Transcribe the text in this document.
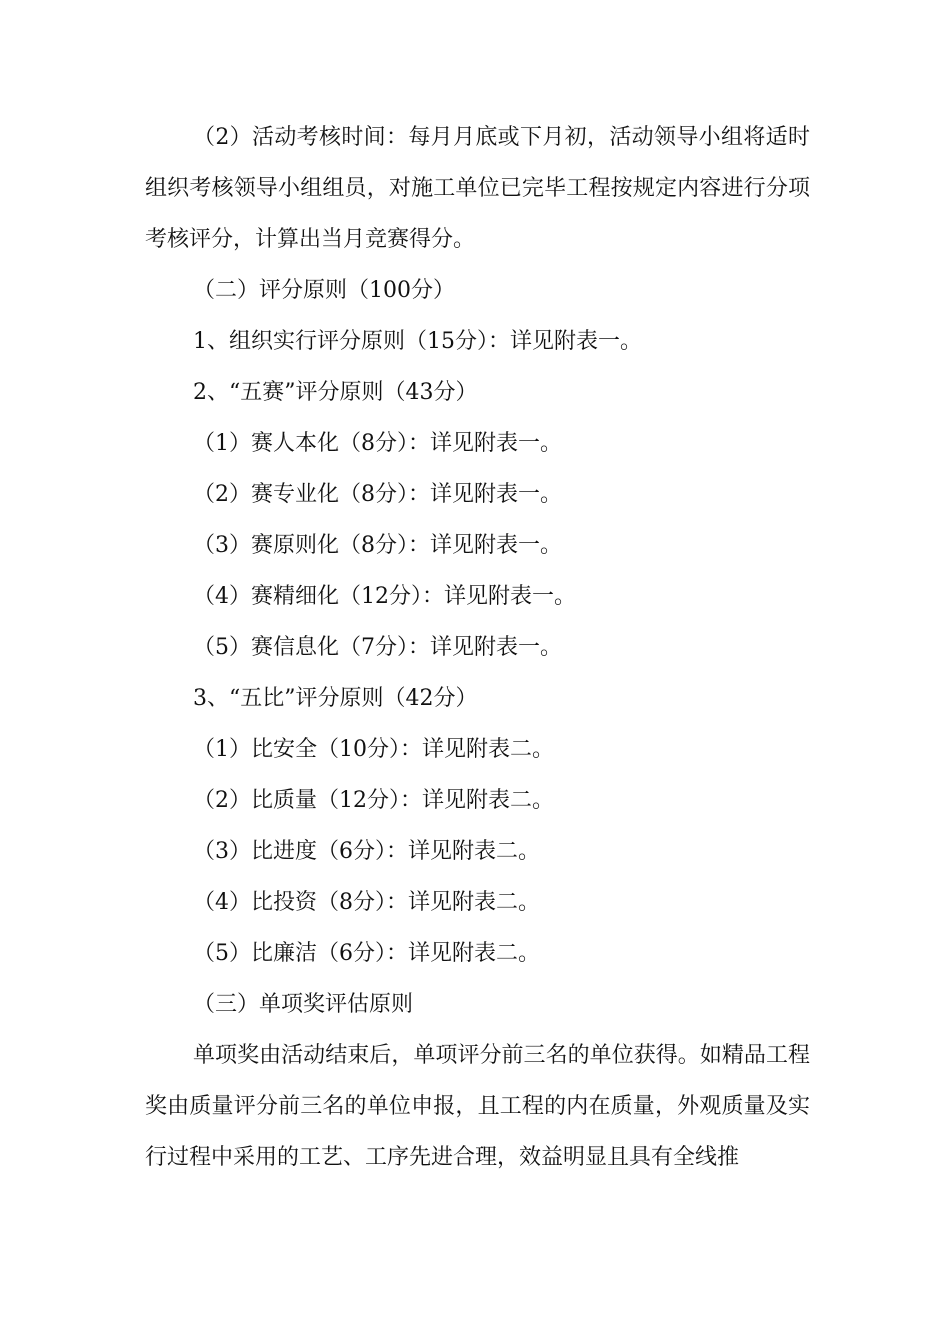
（2）活动考核时间：每月月底或下月初，活动领导小组将适时组织考核领导小组组员，对施工单位已完毕工程按规定内容进行分项考核评分，计算出当月竞赛得分。

（二）评分原则（100分）

1、组织实行评分原则（15分）：详见附表一。

2、“五赛”评分原则（43分）

（1）赛人本化（8分）：详见附表一。

（2）赛专业化（8分）：详见附表一。

（3）赛原则化（8分）：详见附表一。

（4）赛精细化（12分）：详见附表一。

（5）赛信息化（7分）：详见附表一。

3、“五比”评分原则（42分）

（1）比安全（10分）：详见附表二。

（2）比质量（12分）：详见附表二。

（3）比进度（6分）：详见附表二。

（4）比投资（8分）：详见附表二。

（5）比廉洁（6分）：详见附表二。

（三）单项奖评估原则

单项奖由活动结束后，单项评分前三名的单位获得。如精品工程奖由质量评分前三名的单位申报，且工程的内在质量，外观质量及实行过程中采用的工艺、工序先进合理，效益明显且具有全线推
